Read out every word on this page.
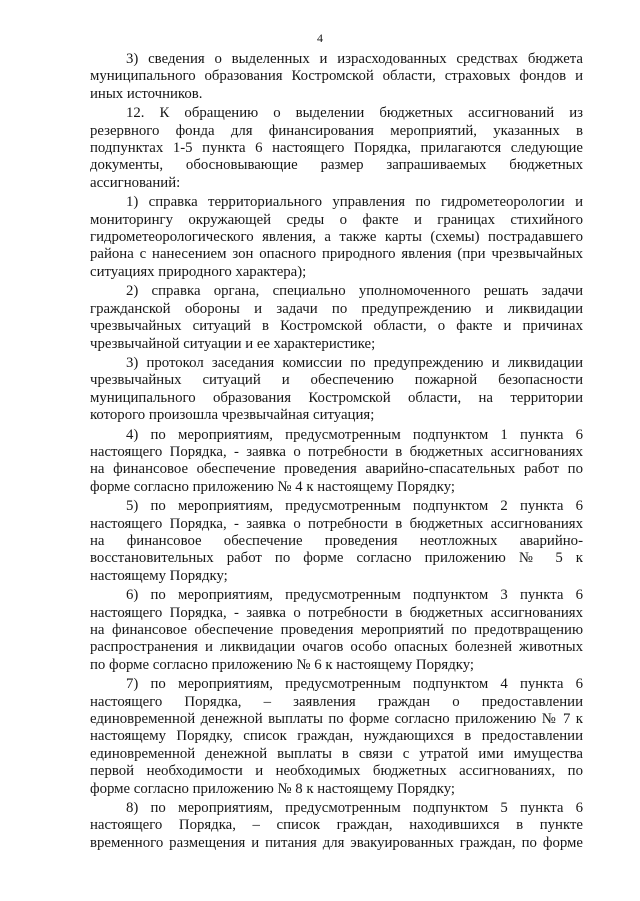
4
3) сведения о выделенных и израсходованных средствах бюджета
муниципального образования Костромской области, страховых фондов и
иных источников.
12. К обращению о выделении бюджетных ассигнований из
резервного фонда для финансирования мероприятий, указанных в
подпунктах 1-5 пункта 6 настоящего Порядка, прилагаются следующие
документы, обосновывающие размер запрашиваемых бюджетных
ассигнований:
1) справка территориального управления по гидрометеорологии и
мониторингу окружающей среды о факте и границах стихийного
гидрометеорологического явления, а также карты (схемы) пострадавшего
района с нанесением зон опасного природного явления (при чрезвычайных
ситуациях природного характера);
2) справка органа, специально уполномоченного решать задачи
гражданской обороны и задачи по предупреждению и ликвидации
чрезвычайных ситуаций в Костромской области, о факте и причинах
чрезвычайной ситуации и ее характеристике;
3) протокол заседания комиссии по предупреждению и ликвидации
чрезвычайных ситуаций и обеспечению пожарной безопасности
муниципального образования Костромской области, на территории
которого произошла чрезвычайная ситуация;
4) по мероприятиям, предусмотренным подпунктом 1 пункта 6
настоящего Порядка, - заявка о потребности в бюджетных ассигнованиях
на финансовое обеспечение проведения аварийно-спасательных работ по
форме согласно приложению № 4 к настоящему Порядку;
5) по мероприятиям, предусмотренным подпунктом 2 пункта 6
настоящего Порядка, - заявка о потребности в бюджетных ассигнованиях
на финансовое обеспечение проведения неотложных аварийно-
восстановительных работ по форме согласно приложению № 5 к
настоящему Порядку;
6) по мероприятиям, предусмотренным подпунктом 3 пункта 6
настоящего Порядка, - заявка о потребности в бюджетных ассигнованиях
на финансовое обеспечение проведения мероприятий по предотвращению
распространения и ликвидации очагов особо опасных болезней животных
по форме согласно приложению № 6 к настоящему Порядку;
7) по мероприятиям, предусмотренным подпунктом 4 пункта 6
настоящего Порядка, – заявления граждан о предоставлении
единовременной денежной выплаты по форме согласно приложению № 7 к
настоящему Порядку, список граждан, нуждающихся в предоставлении
единовременной денежной выплаты в связи с утратой ими имущества
первой необходимости и необходимых бюджетных ассигнованиях, по
форме согласно приложению № 8 к настоящему Порядку;
8) по мероприятиям, предусмотренным подпунктом 5 пункта 6
настоящего Порядка, – список граждан, находившихся в пункте
временного размещения и питания для эвакуированных граждан, по форме
